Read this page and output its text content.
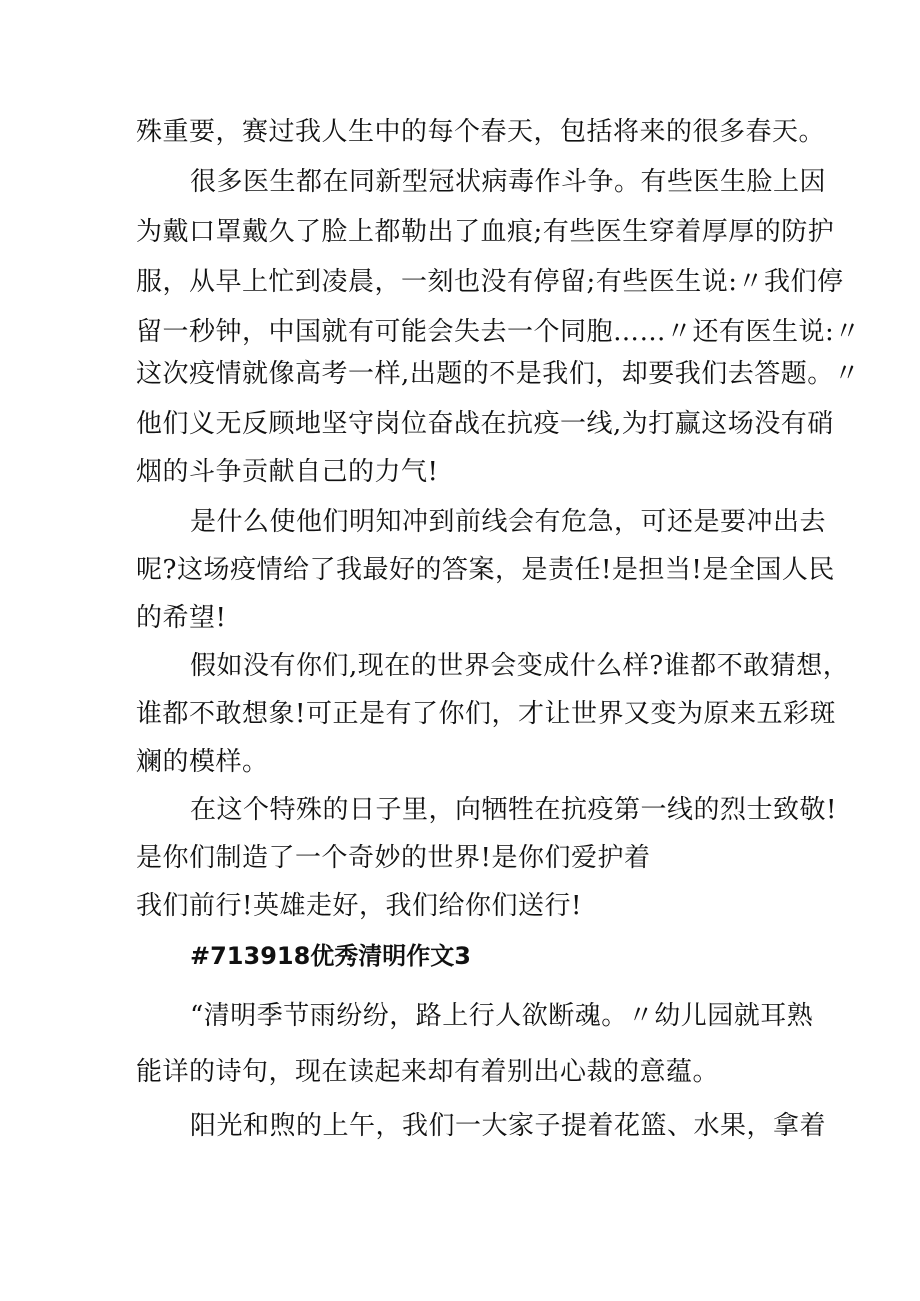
殊重要，赛过我人生中的每个春天，包括将来的很多春天。
很多医生都在同新型冠状病毒作斗争。有些医生脸上因
为戴口罩戴久了脸上都勒出了血痕;有些医生穿着厚厚的防护
服，从早上忙到凌晨，一刻也没有停留;有些医生说:〃我们停
留一秒钟，中国就有可能会失去一个同胞……〃还有医生说:〃
这次疫情就像高考一样,出题的不是我们，却要我们去答题。〃
他们义无反顾地坚守岗位奋战在抗疫一线,为打赢这场没有硝
烟的斗争贡献自己的力气!
是什么使他们明知冲到前线会有危急，可还是要冲出去
呢?这场疫情给了我最好的答案，是责任!是担当!是全国人民
的希望!
假如没有你们,现在的世界会变成什么样?谁都不敢猜想，
谁都不敢想象!可正是有了你们，才让世界又变为原来五彩斑
斓的模样。
在这个特殊的日子里，向牺牲在抗疫第一线的烈士致敬!
是你们制造了一个奇妙的世界!是你们爱护着
我们前行!英雄走好，我们给你们送行!
#713918优秀清明作文3
“清明季节雨纷纷，路上行人欲断魂。〃幼儿园就耳熟
能详的诗句，现在读起来却有着别出心裁的意蕴。
阳光和煦的上午，我们一大家子提着花篮、水果，拿着
